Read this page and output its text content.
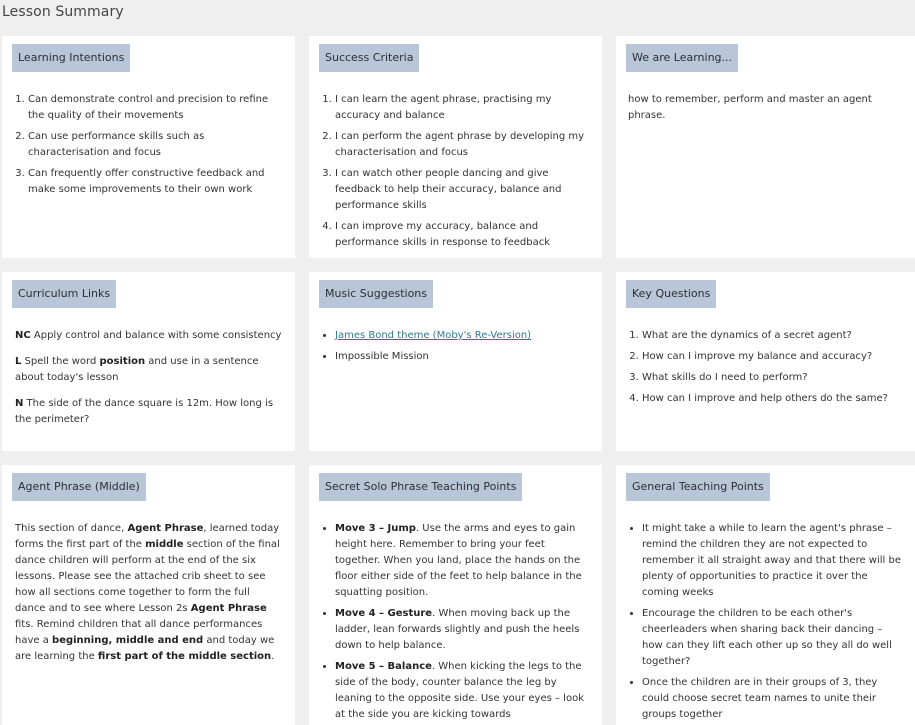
Lesson Summary
Learning Intentions
1. Can demonstrate control and precision to refine the quality of their movements
2. Can use performance skills such as characterisation and focus
3. Can frequently offer constructive feedback and make some improvements to their own work
Success Criteria
1. I can learn the agent phrase, practising my accuracy and balance
2. I can perform the agent phrase by developing my characterisation and focus
3. I can watch other people dancing and give feedback to help their accuracy, balance and performance skills
4. I can improve my accuracy, balance and performance skills in response to feedback
We are Learning...
how to remember, perform and master an agent phrase.
Curriculum Links

NC Apply control and balance with some consistency

L Spell the word position and use in a sentence about today's lesson

N The side of the dance square is 12m. How long is the perimeter?

Music Suggestions
• James Bond theme (Moby's Re-Version)
• Impossible Mission
Key Questions
1. What are the dynamics of a secret agent?
2. How can I improve my balance and accuracy?
3. What skills do I need to perform?
4. How can I improve and help others do the same?
Agent Phrase (Middle)
This section of dance, Agent Phrase, learned today forms the first part of the middle section of the final dance children will perform at the end of the six lessons. Please see the attached crib sheet to see how all sections come together to form the full dance and to see where Lesson 2s Agent Phrase fits. Remind children that all dance performances have a beginning, middle and end and today we are learning the first part of the middle section.
Secret Solo Phrase Teaching Points
• Move 3 – Jump. Use the arms and eyes to gain height here. Remember to bring your feet together. When you land, place the hands on the floor either side of the feet to help balance in the squatting position.
• Move 4 – Gesture. When moving back up the ladder, lean forwards slightly and push the heels down to help balance.
• Move 5 – Balance. When kicking the legs to the side of the body, counter balance the leg by leaning to the opposite side. Use your eyes – look at the side you are kicking towards
General Teaching Points
• It might take a while to learn the agent's phrase – remind the children they are not expected to remember it all straight away and that there will be plenty of opportunities to practice it over the coming weeks
• Encourage the children to be each other's cheerleaders when sharing back their dancing – how can they lift each other up so they all do well together?
• Once the children are in their groups of 3, they could choose secret team names to unite their groups together
